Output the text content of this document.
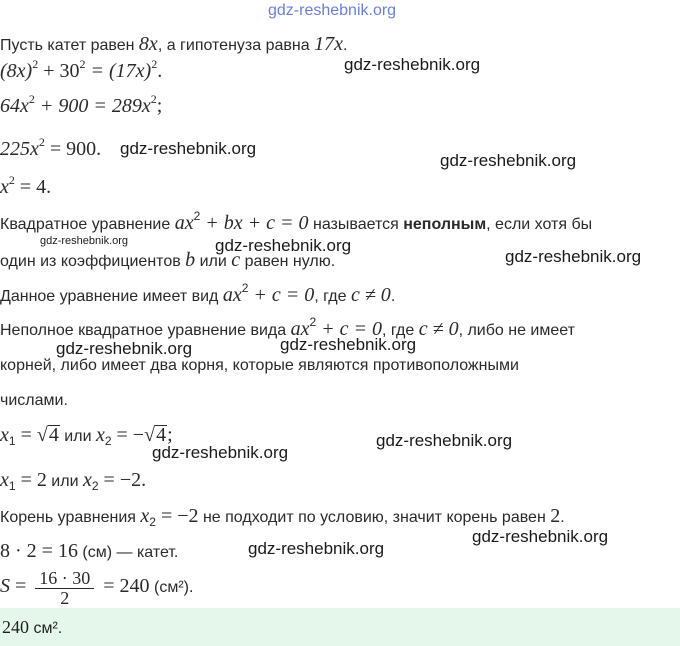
gdz-reshebnik.org
gdz-reshebnik.org
gdz-reshebnik.org
gdz-reshebnik.org
gdz-reshebnik.org	gdz-reshebnik.org
gdz-reshebnik.org
gdz-reshebnik.org
gdz-reshebnik.org
gdz-reshebnik.org
gdz-reshebnik.org
gdz-reshebnik.org
gdz-reshebnik.org
Пусть катет равен 8x, а гипотенуза равна 17x.
$(8x)^2 + 30^2 = (17x)^2$.
$64x^2 + 900 = 289x^2$;
$225x^2 = 900$.
$x^2 = 4$.
Квадратное уравнение $ax^2$ + bx + c = 0 называется неполным, если хотя бы
один из коэффициентов b или c равен нулю.
Данное уравнение имеет вид $ax^2 + c = 0$, где c ≠ 0.
Неполное квадратное уравнение вида $ax^2 + c = 0$, где c ≠ 0, либо не имеет
корней, либо имеет два корня, которые являются противоположными
числами.
$x_1 = √4$ или $x_2 = -√4$;
$x_1 = 2$ или $x_2 = -2$.
Корень уравнения $x_2 = -2$ не подходит по условию, значит корень равен 2.
8 · 2 = 16 (см) — катет.
$S = \frac{16 \cdot 30}{2} = 240$ (см²).
240 см².
